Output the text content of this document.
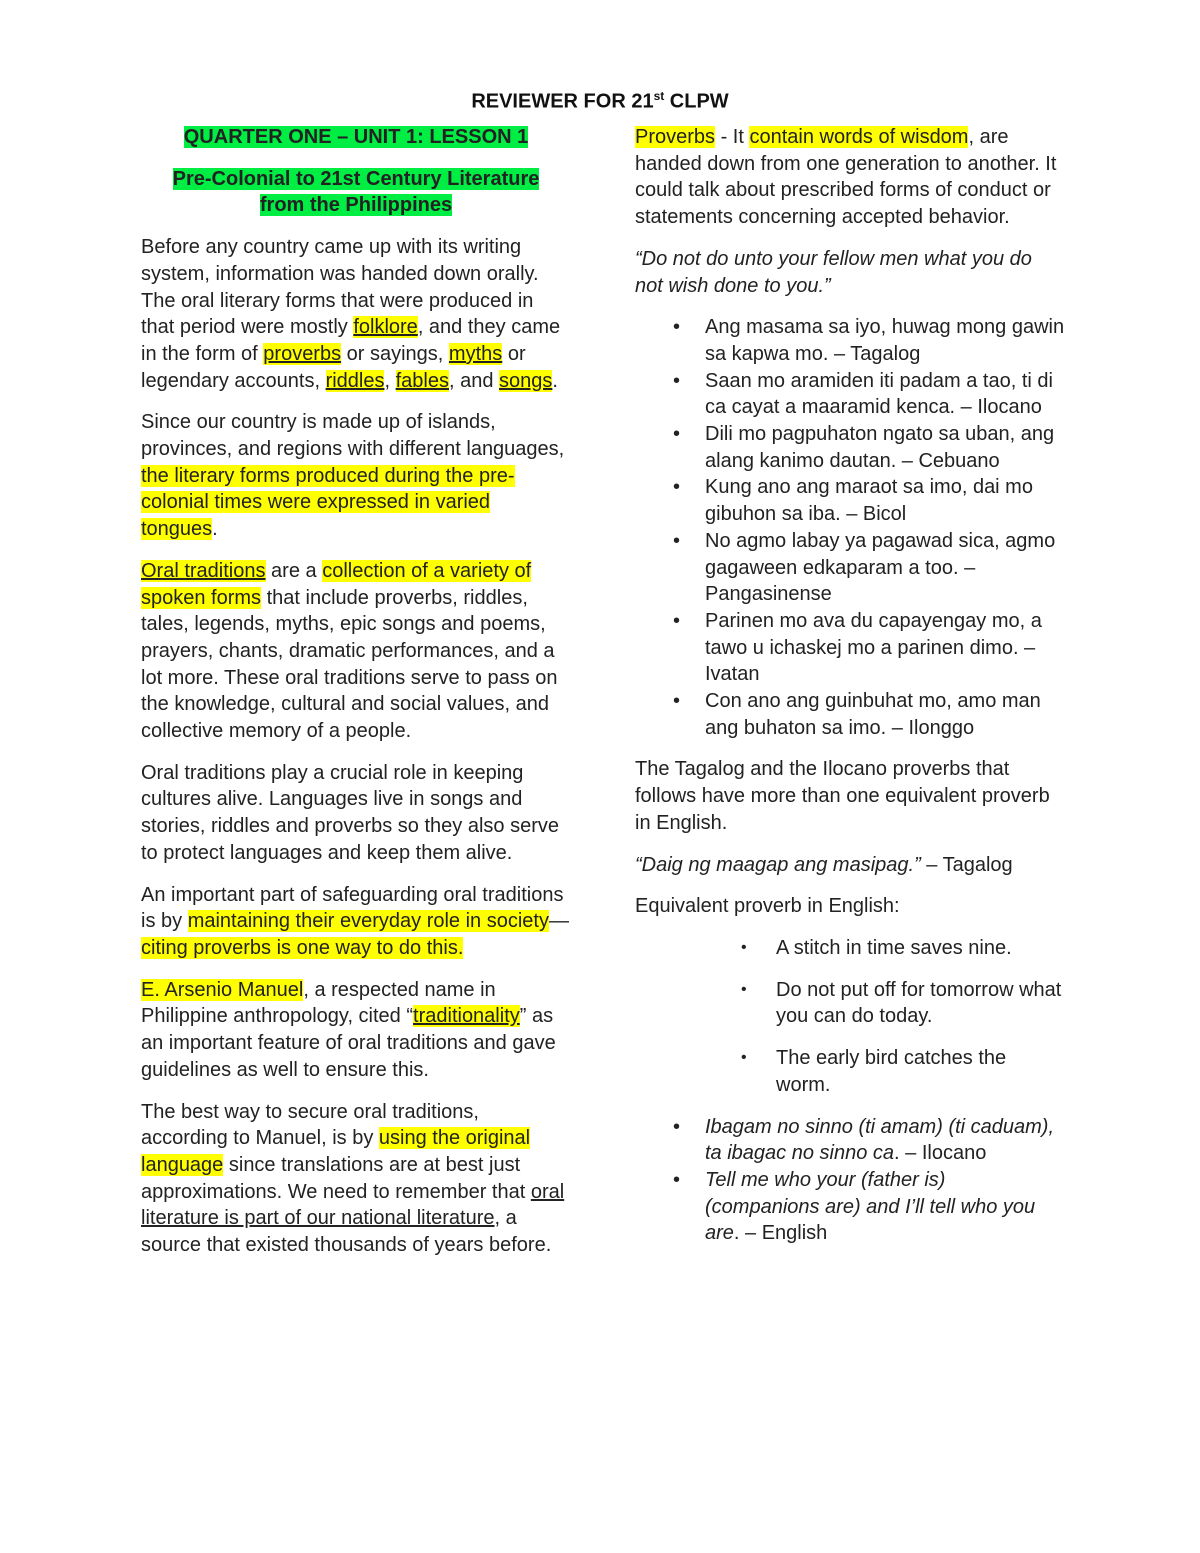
REVIEWER FOR 21st CLPW

QUARTER ONE – UNIT 1: LESSON 1

Pre-Colonial to 21st Century Literature
from the Philippines

Before any country came up with its writing system, information was handed down orally. The oral literary forms that were produced in that period were mostly folklore, and they came in the form of proverbs or sayings, myths or legendary accounts, riddles, fables, and songs.

Since our country is made up of islands, provinces, and regions with different languages, the literary forms produced during the pre-colonial times were expressed in varied tongues.

Oral traditions are a collection of a variety of spoken forms that include proverbs, riddles, tales, legends, myths, epic songs and poems, prayers, chants, dramatic performances, and a lot more. These oral traditions serve to pass on the knowledge, cultural and social values, and collective memory of a people.

Oral traditions play a crucial role in keeping cultures alive. Languages live in songs and stories, riddles and proverbs so they also serve to protect languages and keep them alive.

An important part of safeguarding oral traditions is by maintaining their everyday role in society— citing proverbs is one way to do this.

E. Arsenio Manuel, a respected name in Philippine anthropology, cited “traditionality” as an important feature of oral traditions and gave guidelines as well to ensure this.

The best way to secure oral traditions, according to Manuel, is by using the original language since translations are at best just approximations. We need to remember that oral literature is part of our national literature, a source that existed thousands of years before.

Proverbs - It contain words of wisdom, are handed down from one generation to another. It could talk about prescribed forms of conduct or statements concerning accepted behavior.

“Do not do unto your fellow men what you do not wish done to you.”

• Ang masama sa iyo, huwag mong gawin sa kapwa mo. – Tagalog
• Saan mo aramiden iti padam a tao, ti di ca cayat a maaramid kenca. – Ilocano
• Dili mo pagpuhaton ngato sa uban, ang alang kanimo dautan. – Cebuano
• Kung ano ang maraot sa imo, dai mo gibuhon sa iba. – Bicol
• No agmo labay ya pagawad sica, agmo gagaween edkaparam a too. – Pangasinense
• Parinen mo ava du capayengay mo, a tawo u ichaskej mo a parinen dimo. – Ivatan
• Con ano ang guinbuhat mo, amo man ang buhaton sa imo. – Ilonggo

The Tagalog and the Ilocano proverbs that follows have more than one equivalent proverb in English.

“Daig ng maagap ang masipag.” – Tagalog

Equivalent proverb in English:

• A stitch in time saves nine.
• Do not put off for tomorrow what you can do today.
• The early bird catches the worm.
• Ibagam no sinno (ti amam) (ti caduam), ta ibagac no sinno ca. – Ilocano
• Tell me who your (father is) (companions are) and I’ll tell who you are. – English
